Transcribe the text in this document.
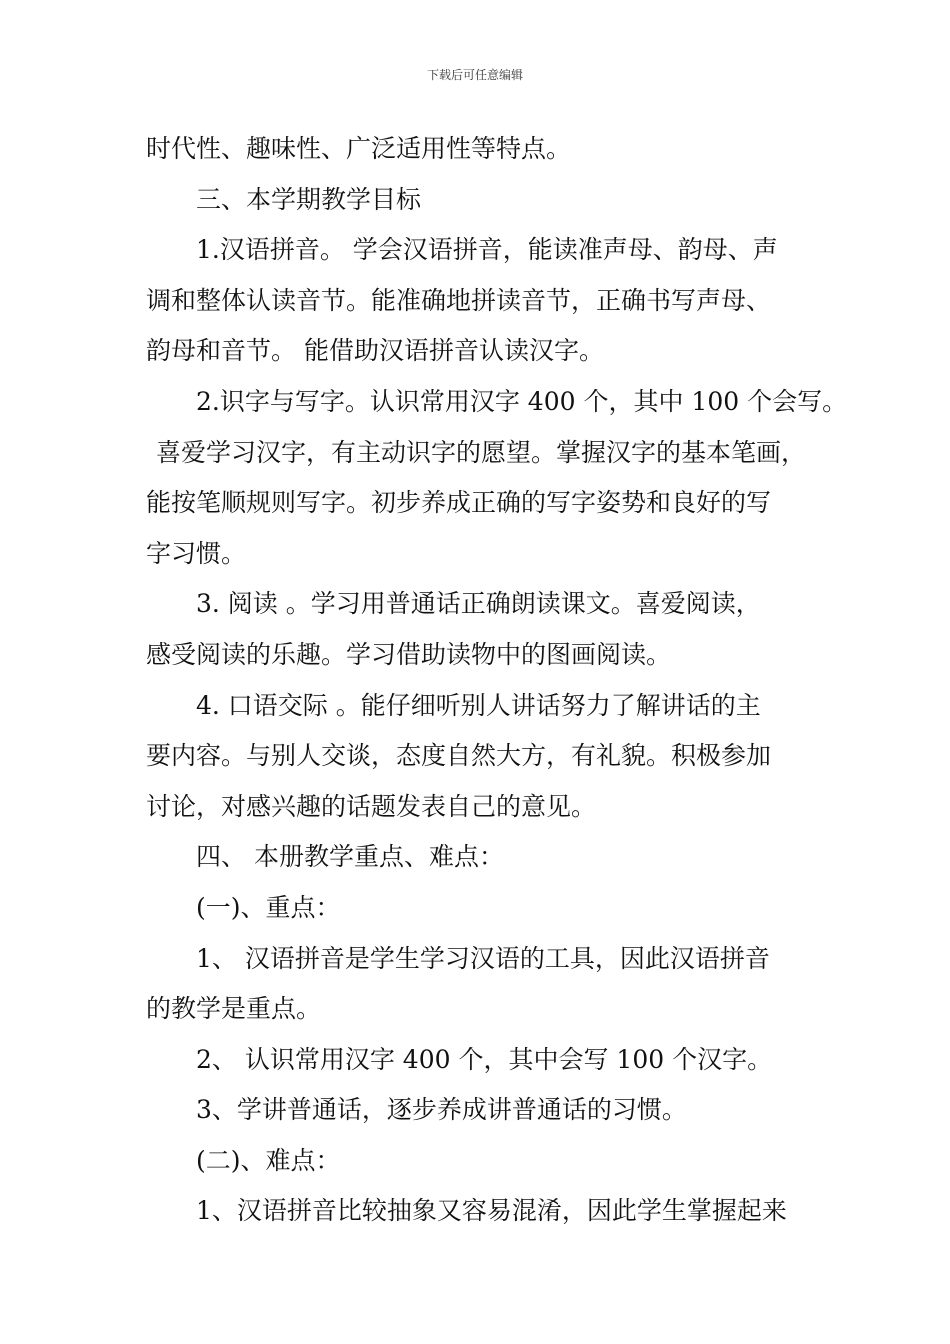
下载后可任意编辑
时代性、趣味性、广泛适用性等特点。
三、本学期教学目标
1.汉语拼音。 学会汉语拼音，能读准声母、韵母、声
调和整体认读音节。能准确地拼读音节，正确书写声母、
韵母和音节。 能借助汉语拼音认读汉字。
2.识字与写字。认识常用汉字 400 个，其中 100 个会写。
喜爱学习汉字，有主动识字的愿望。掌握汉字的基本笔画，
能按笔顺规则写字。初步养成正确的写字姿势和良好的写
字习惯。
3. 阅读 。学习用普通话正确朗读课文。喜爱阅读，
感受阅读的乐趣。学习借助读物中的图画阅读。
4. 口语交际 。能仔细听别人讲话努力了解讲话的主
要内容。与别人交谈，态度自然大方，有礼貌。积极参加
讨论，对感兴趣的话题发表自己的意见。
四、 本册教学重点、难点：
(一)、重点：
1、 汉语拼音是学生学习汉语的工具，因此汉语拼音
的教学是重点。
2、 认识常用汉字 400 个，其中会写 100 个汉字。
3、学讲普通话，逐步养成讲普通话的习惯。
(二)、难点：
1、汉语拼音比较抽象又容易混淆，因此学生掌握起来
